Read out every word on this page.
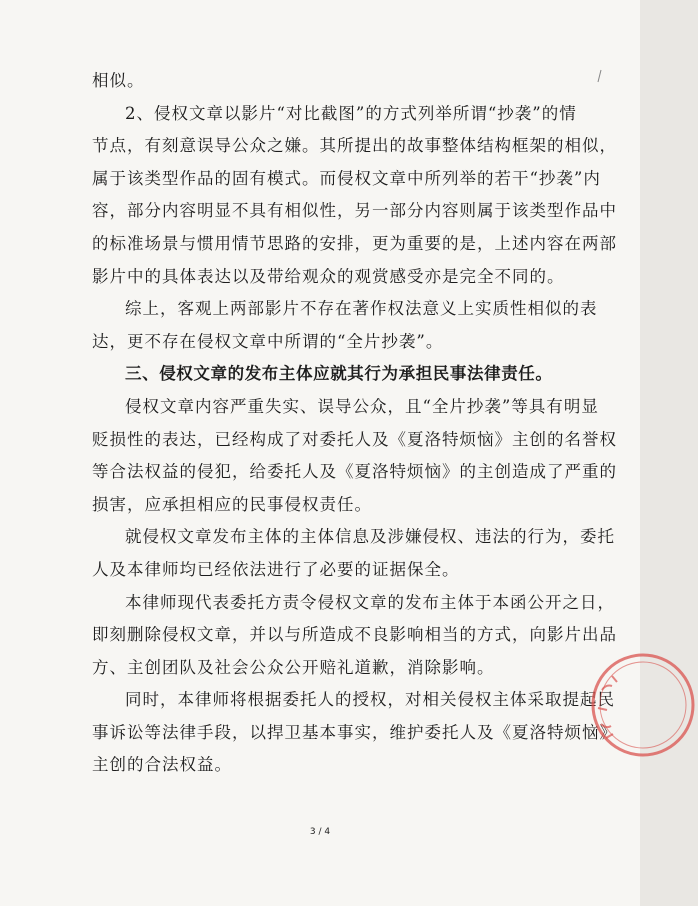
相似。
2、侵权文章以影片“对比截图”的方式列举所谓“抄袭”的情
节点，有刻意误导公众之嫌。其所提出的故事整体结构框架的相似，
属于该类型作品的固有模式。而侵权文章中所列举的若干“抄袭”内
容，部分内容明显不具有相似性，另一部分内容则属于该类型作品中
的标准场景与惯用情节思路的安排，更为重要的是，上述内容在两部
影片中的具体表达以及带给观众的观赏感受亦是完全不同的。
综上，客观上两部影片不存在著作权法意义上实质性相似的表
达，更不存在侵权文章中所谓的“全片抄袭”。
三、侵权文章的发布主体应就其行为承担民事法律责任。
侵权文章内容严重失实、误导公众，且“全片抄袭”等具有明显
贬损性的表达，已经构成了对委托人及《夏洛特烦恼》主创的名誉权
等合法权益的侵犯，给委托人及《夏洛特烦恼》的主创造成了严重的
损害，应承担相应的民事侵权责任。
就侵权文章发布主体的主体信息及涉嫌侵权、违法的行为，委托
人及本律师均已经依法进行了必要的证据保全。
本律师现代表委托方责令侵权文章的发布主体于本函公开之日，
即刻删除侵权文章，并以与所造成不良影响相当的方式，向影片出品
方、主创团队及社会公众公开赔礼道歉，消除影响。
同时，本律师将根据委托人的授权，对相关侵权主体采取提起民
事诉讼等法律手段，以捍卫基本事实，维护委托人及《夏洛特烦恼》
主创的合法权益。
3 / 4
